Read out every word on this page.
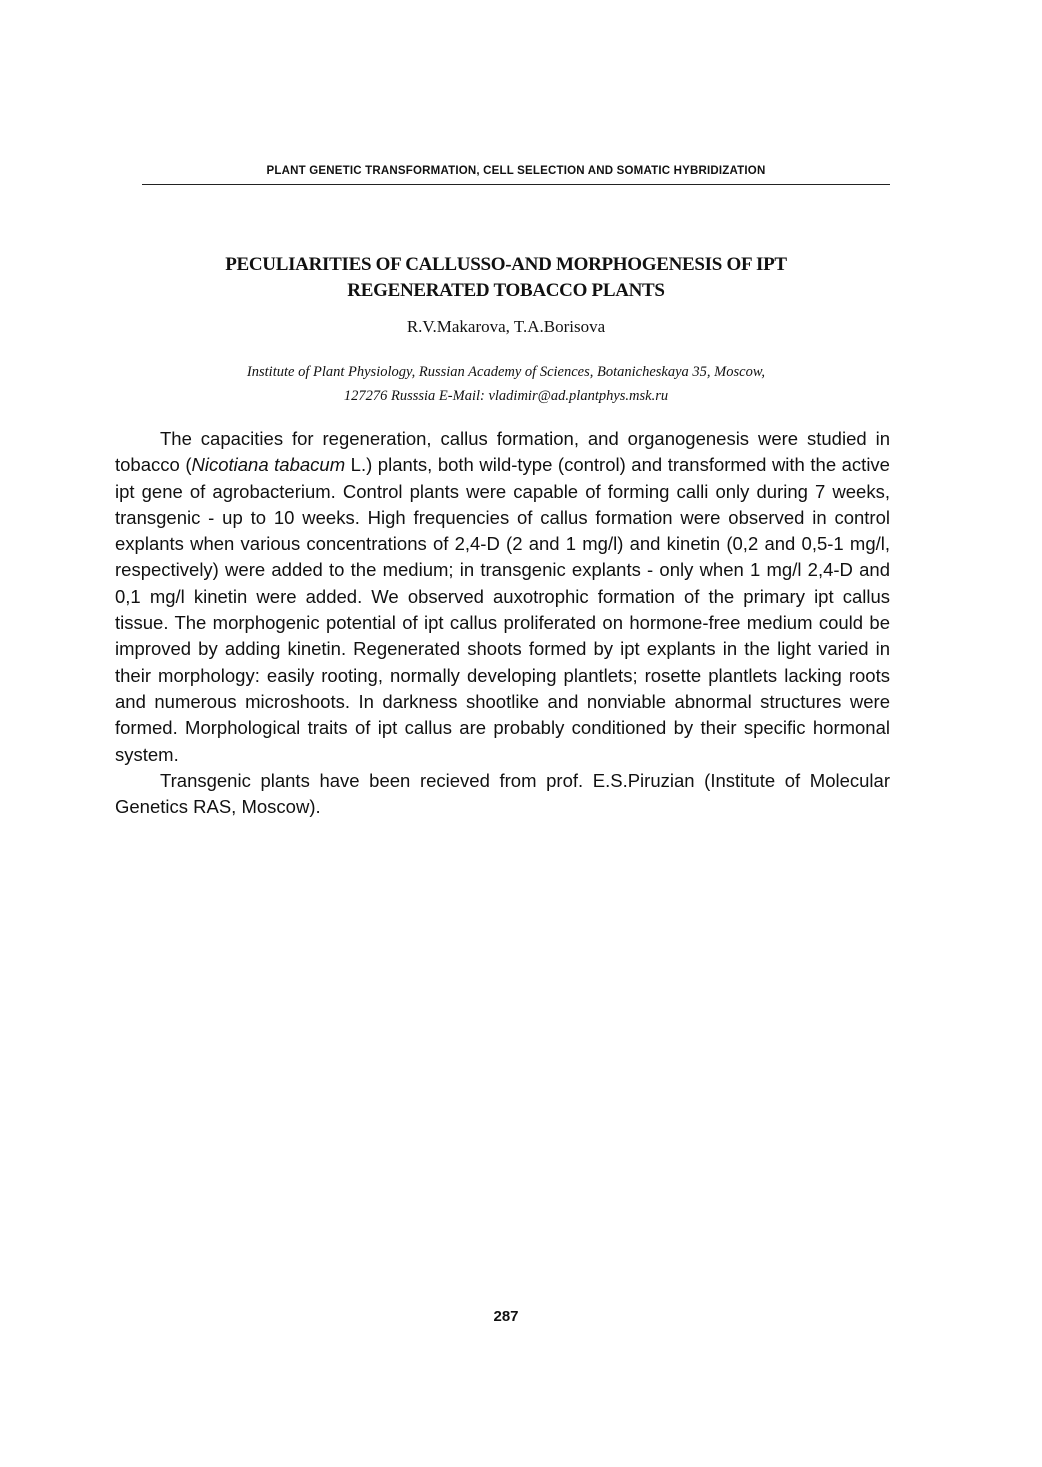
PLANT GENETIC TRANSFORMATION, CELL SELECTION AND SOMATIC HYBRIDIZATION
PECULIARITIES OF CALLUSSO-AND MORPHOGENESIS OF IPT
REGENERATED TOBACCO PLANTS
R.V.Makarova, T.A.Borisova
Institute of Plant Physiology, Russian Academy of Sciences, Botanicheskaya 35, Moscow,
127276 Russsia E-Mail: vladimir@ad.plantphys.msk.ru

The capacities for regeneration, callus formation, and organogenesis were studied in tobacco (Nicotiana tabacum L.) plants, both wild-type (control) and transformed with the active ipt gene of agrobacterium. Control plants were capable of forming calli only during 7 weeks, transgenic - up to 10 weeks. High frequencies of callus formation were observed in control explants when various concentrations of 2,4-D (2 and 1 mg/l) and kinetin (0,2 and 0,5-1 mg/l, respectively) were added to the medium; in transgenic explants - only when 1 mg/l 2,4-D and 0,1 mg/l kinetin were added. We observed auxotrophic formation of the primary ipt callus tissue. The morphogenic potential of ipt callus proliferated on hormone-free medium could be improved by adding kinetin. Regenerated shoots formed by ipt explants in the light varied in their morphology: easily rooting, normally developing plantlets; rosette plantlets lacking roots and numerous microshoots. In darkness shootlike and nonviable abnormal structures were formed. Morphological traits of ipt callus are probably conditioned by their specific hormonal system.

Transgenic plants have been recieved from prof. E.S.Piruzian (Institute of Molecular Genetics RAS, Moscow).

287
